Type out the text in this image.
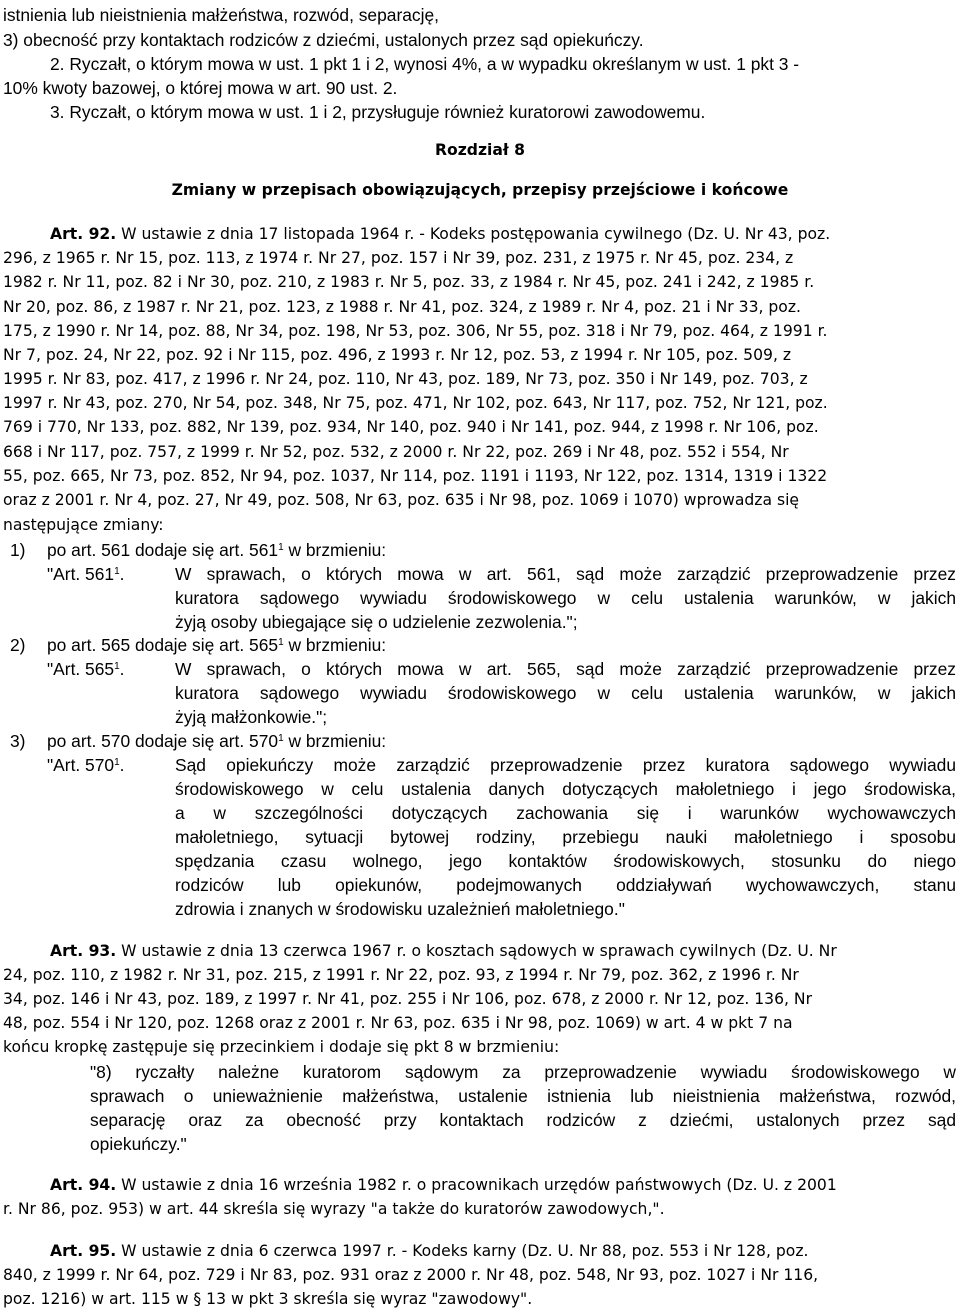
istnienia lub nieistnienia małżeństwa, rozwód, separację,
3) obecność przy kontaktach rodziców z dziećmi, ustalonych przez sąd opiekuńczy.
2. Ryczałt, o którym mowa w ust. 1 pkt 1 i 2, wynosi 4%, a w wypadku określanym w ust. 1 pkt 3 -
10% kwoty bazowej, o której mowa w art. 90 ust. 2.
3. Ryczałt, o którym mowa w ust. 1 i 2, przysługuje również kuratorowi zawodowemu.
Rozdział 8
Zmiany w przepisach obowiązujących, przepisy przejściowe i końcowe
Art. 92. W ustawie z dnia 17 listopada 1964 r. - Kodeks postępowania cywilnego (Dz. U. Nr 43, poz.
296, z 1965 r. Nr 15, poz. 113, z 1974 r. Nr 27, poz. 157 i Nr 39, poz. 231, z 1975 r. Nr 45, poz. 234, z
1982 r. Nr 11, poz. 82 i Nr 30, poz. 210, z 1983 r. Nr 5, poz. 33, z 1984 r. Nr 45, poz. 241 i 242, z 1985 r.
Nr 20, poz. 86, z 1987 r. Nr 21, poz. 123, z 1988 r. Nr 41, poz. 324, z 1989 r. Nr 4, poz. 21 i Nr 33, poz.
175, z 1990 r. Nr 14, poz. 88, Nr 34, poz. 198, Nr 53, poz. 306, Nr 55, poz. 318 i Nr 79, poz. 464, z 1991 r.
Nr 7, poz. 24, Nr 22, poz. 92 i Nr 115, poz. 496, z 1993 r. Nr 12, poz. 53, z 1994 r. Nr 105, poz. 509, z
1995 r. Nr 83, poz. 417, z 1996 r. Nr 24, poz. 110, Nr 43, poz. 189, Nr 73, poz. 350 i Nr 149, poz. 703, z
1997 r. Nr 43, poz. 270, Nr 54, poz. 348, Nr 75, poz. 471, Nr 102, poz. 643, Nr 117, poz. 752, Nr 121, poz.
769 i 770, Nr 133, poz. 882, Nr 139, poz. 934, Nr 140, poz. 940 i Nr 141, poz. 944, z 1998 r. Nr 106, poz.
668 i Nr 117, poz. 757, z 1999 r. Nr 52, poz. 532, z 2000 r. Nr 22, poz. 269 i Nr 48, poz. 552 i 554, Nr
55, poz. 665, Nr 73, poz. 852, Nr 94, poz. 1037, Nr 114, poz. 1191 i 1193, Nr 122, poz. 1314, 1319 i 1322
oraz z 2001 r. Nr 4, poz. 27, Nr 49, poz. 508, Nr 63, poz. 635 i Nr 98, poz. 1069 i 1070) wprowadza się
następujące zmiany:
1) po art. 561 dodaje się art. $561^1$ w brzmieniu:
"Art. $561^1$.	W sprawach, o których mowa w art. 561, sąd może zarządzić przeprowadzenie przez
kuratora sądowego wywiadu środowiskowego w celu ustalenia warunków, w jakich
żyją osoby ubiegające się o udzielenie zezwolenia.";
2) po art. 565 dodaje się art. $565^1$ w brzmieniu:
"Art. $565^1$.	W sprawach, o których mowa w art. 565, sąd może zarządzić przeprowadzenie przez
kuratora sądowego wywiadu środowiskowego w celu ustalenia warunków, w jakich
żyją małżonkowie.";
3) po art. 570 dodaje się art. $570^1$ w brzmieniu:
"Art. $570^1$.	Sąd opiekuńczy może zarządzić przeprowadzenie przez kuratora sądowego wywiadu
środowiskowego w celu ustalenia danych dotyczących małoletniego i jego środowiska,
a w szczególności dotyczących zachowania się i warunków wychowawczych
małoletniego, sytuacji bytowej rodziny, przebiegu nauki małoletniego i sposobu
spędzania czasu wolnego, jego kontaktów środowiskowych, stosunku do niego
rodziców lub opiekunów, podejmowanych oddziaływań wychowawczych, stanu
zdrowia i znanych w środowisku uzależnień małoletniego."
Art. 93. W ustawie z dnia 13 czerwca 1967 r. o kosztach sądowych w sprawach cywilnych (Dz. U. Nr
24, poz. 110, z 1982 r. Nr 31, poz. 215, z 1991 r. Nr 22, poz. 93, z 1994 r. Nr 79, poz. 362, z 1996 r. Nr
34, poz. 146 i Nr 43, poz. 189, z 1997 r. Nr 41, poz. 255 i Nr 106, poz. 678, z 2000 r. Nr 12, poz. 136, Nr
48, poz. 554 i Nr 120, poz. 1268 oraz z 2001 r. Nr 63, poz. 635 i Nr 98, poz. 1069) w art. 4 w pkt 7 na
końcu kropkę zastępuje się przecinkiem i dodaje się pkt 8 w brzmieniu:
"8) ryczałty należne kuratorom sądowym za przeprowadzenie wywiadu środowiskowego w
sprawach o unieważnienie małżeństwa, ustalenie istnienia lub nieistnienia małżeństwa, rozwód,
separację oraz za obecność przy kontaktach rodziców z dziećmi, ustalonych przez sąd
opiekuńczy."
Art. 94. W ustawie z dnia 16 września 1982 r. o pracownikach urzędów państwowych (Dz. U. z 2001
r. Nr 86, poz. 953) w art. 44 skreśla się wyrazy "a także do kuratorów zawodowych,".
Art. 95. W ustawie z dnia 6 czerwca 1997 r. - Kodeks karny (Dz. U. Nr 88, poz. 553 i Nr 128, poz.
840, z 1999 r. Nr 64, poz. 729 i Nr 83, poz. 931 oraz z 2000 r. Nr 48, poz. 548, Nr 93, poz. 1027 i Nr 116,
poz. 1216) w art. 115 w § 13 w pkt 3 skreśla się wyraz "zawodowy".
